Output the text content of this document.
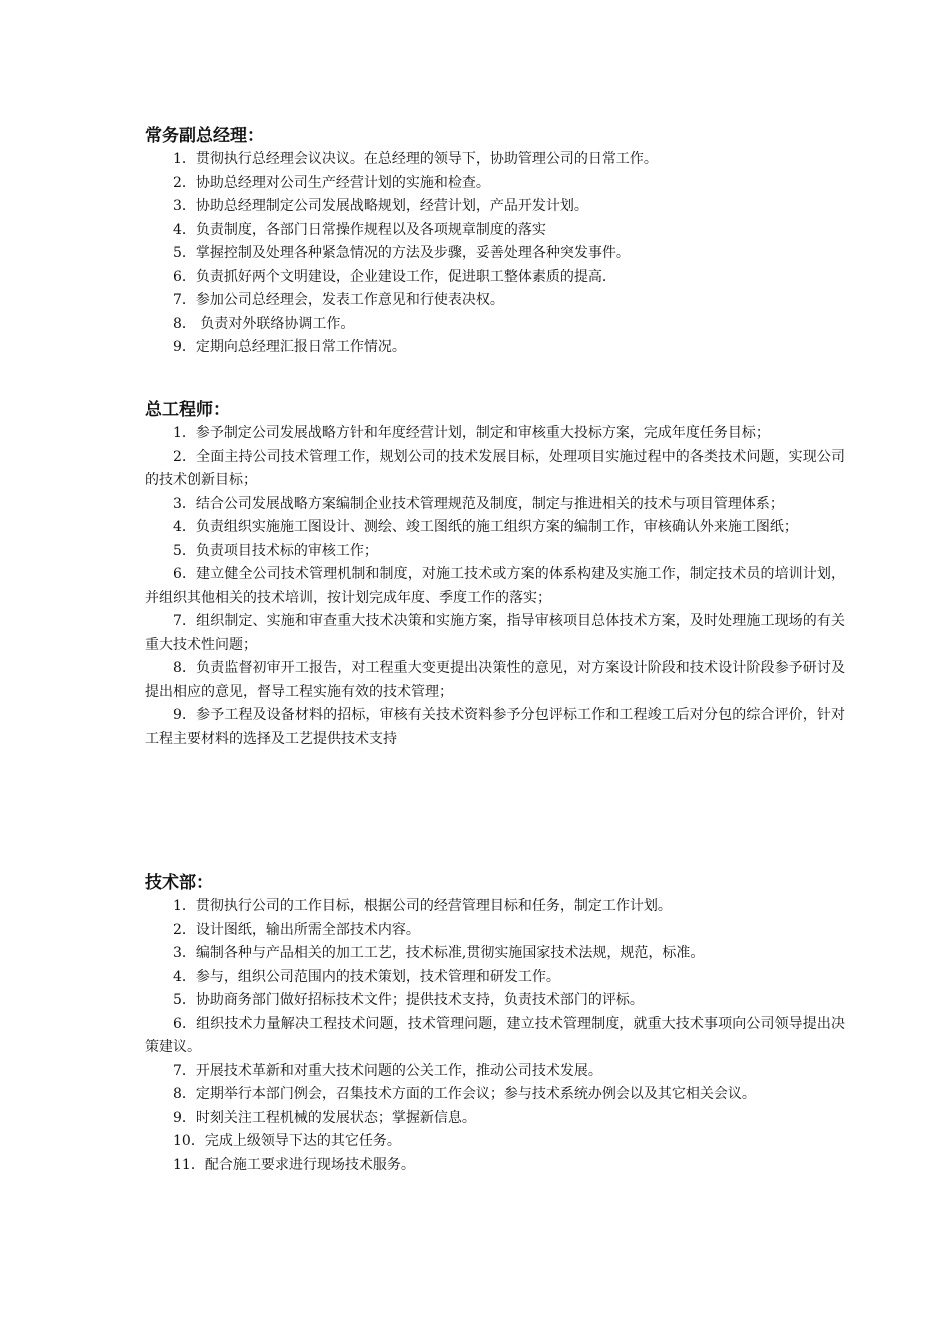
常务副总经理：

1．贯彻执行总经理会议决议。在总经理的领导下，协助管理公司的日常工作。

2．协助总经理对公司生产经营计划的实施和检查。

3．协助总经理制定公司发展战略规划，经营计划，产品开发计划。

4．负责制度，各部门日常操作规程以及各项规章制度的落实

5．掌握控制及处理各种紧急情况的方法及步骤，妥善处理各种突发事件。

6．负责抓好两个文明建设，企业建设工作，促进职工整体素质的提高．

7．参加公司总经理会，发表工作意见和行使表决权。

8． 负责对外联络协调工作。

9．定期向总经理汇报日常工作情况。

总工程师：

1．参予制定公司发展战略方针和年度经营计划，制定和审核重大投标方案，完成年度任务目标；

2．全面主持公司技术管理工作，规划公司的技术发展目标，处理项目实施过程中的各类技术问题，实现公司的技术创新目标；

3．结合公司发展战略方案编制企业技术管理规范及制度，制定与推进相关的技术与项目管理体系；

4．负责组织实施施工图设计、测绘、竣工图纸的施工组织方案的编制工作，审核确认外来施工图纸；

5．负责项目技术标的审核工作；

6．建立健全公司技术管理机制和制度，对施工技术或方案的体系构建及实施工作，制定技术员的培训计划，并组织其他相关的技术培训，按计划完成年度、季度工作的落实；

7．组织制定、实施和审查重大技术决策和实施方案，指导审核项目总体技术方案，及时处理施工现场的有关重大技术性问题；

8．负责监督初审开工报告，对工程重大变更提出决策性的意见，对方案设计阶段和技术设计阶段参予研讨及提出相应的意见，督导工程实施有效的技术管理；

9．参予工程及设备材料的招标，审核有关技术资料参予分包评标工作和工程竣工后对分包的综合评价，针对工程主要材料的选择及工艺提供技术支持

技术部：

1．贯彻执行公司的工作目标，根据公司的经营管理目标和任务，制定工作计划。

2．设计图纸，输出所需全部技术内容。

3．编制各种与产品相关的加工工艺，技术标准,贯彻实施国家技术法规，规范，标准。

4．参与，组织公司范围内的技术策划，技术管理和研发工作。

5．协助商务部门做好招标技术文件；提供技术支持，负责技术部门的评标。

6．组织技术力量解决工程技术问题，技术管理问题，建立技术管理制度，就重大技术事项向公司领导提出决策建议。

7．开展技术革新和对重大技术问题的公关工作，推动公司技术发展。

8．定期举行本部门例会，召集技术方面的工作会议；参与技术系统办例会以及其它相关会议。

9．时刻关注工程机械的发展状态；掌握新信息。

10．完成上级领导下达的其它任务。

11．配合施工要求进行现场技术服务。
